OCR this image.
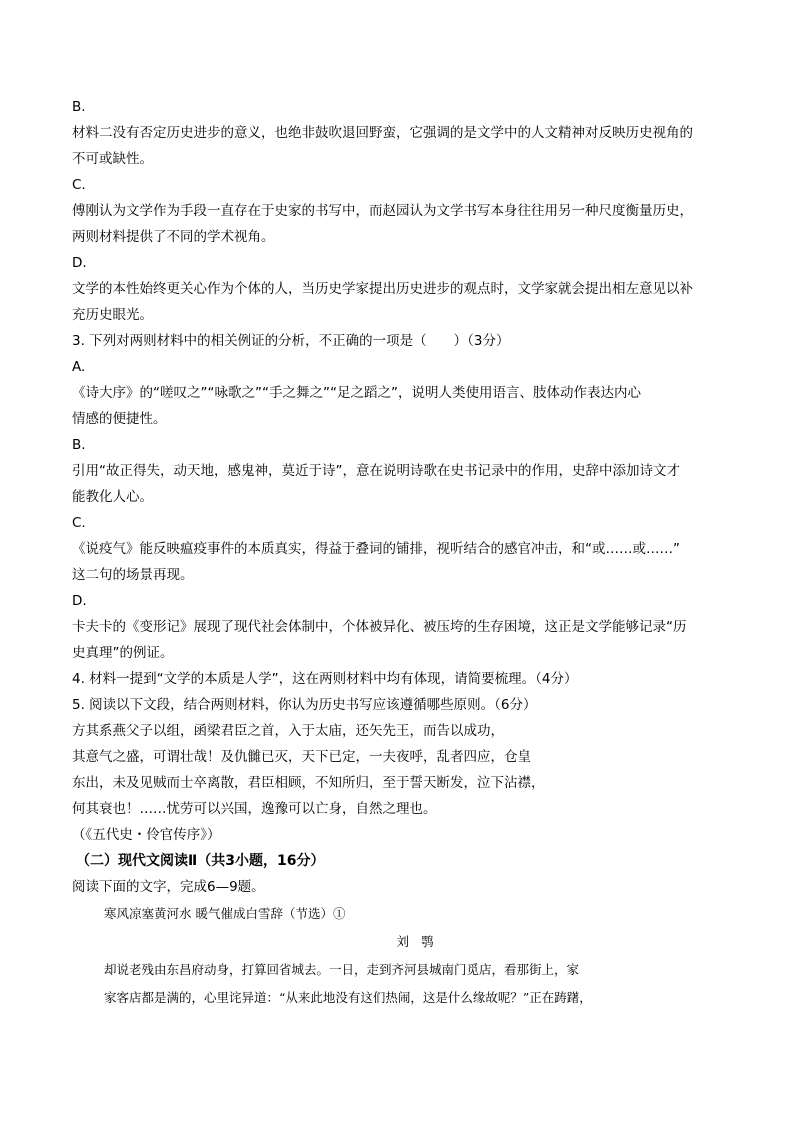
B.
材料二没有否定历史进步的意义，也绝非鼓吹退回野蛮，它强调的是文学中的人文精神对反映历史视角的
不可或缺性。
C.
傅刚认为文学作为手段一直存在于史家的书写中，而赵园认为文学书写本身往往用另一种尺度衡量历史，
两则材料提供了不同的学术视角。
D.
文学的本性始终更关心作为个体的人，当历史学家提出历史进步的观点时，文学家就会提出相左意见以补
充历史眼光。
3. 下列对两则材料中的相关例证的分析，不正确的一项是（　　）（3分）
A.
《诗大序》的“嗟叹之”“咏歌之”“手之舞之”“足之蹈之”，说明人类使用语言、肢体动作表达内心
情感的便捷性。
B.
引用“故正得失，动天地，感鬼神，莫近于诗”，意在说明诗歌在史书记录中的作用，史辞中添加诗文才
能教化人心。
C.
《说疫气》能反映瘟疫事件的本质真实，得益于叠词的铺排，视听结合的感官冲击，和“或……或……”
这二句的场景再现。
D.
卡夫卡的《变形记》展现了现代社会体制中，个体被异化、被压垮的生存困境，这正是文学能够记录“历
史真理”的例证。
4. 材料一提到“文学的本质是人学”，这在两则材料中均有体现，请简要梳理。（4分）
5. 阅读以下文段，结合两则材料，你认为历史书写应该遵循哪些原则。（6分）
方其系燕父子以组，函梁君臣之首，入于太庙，还矢先王，而告以成功，
其意气之盛，可谓壮哉！及仇雠已灭，天下已定，一夫夜呼，乱者四应，仓皇
东出，未及见贼而士卒离散，君臣相顾，不知所归，至于誓天断发，泣下沾襟，
何其衰也！……忧劳可以兴国，逸豫可以亡身，自然之理也。
（《五代史・伶官传序》）
（二）现代文阅读Ⅱ（共3小题，16分）
阅读下面的文字，完成6—9题。
寒风凉塞黄河水 暖气催成白雪辞（节选）①
刘 鹗
却说老残由东昌府动身，打算回省城去。一日，走到齐河县城南门觅店，看那街上，家
家客店都是满的，心里诧异道：“从来此地没有这们热闹，这是什么缘故呢？”正在踌躇，
